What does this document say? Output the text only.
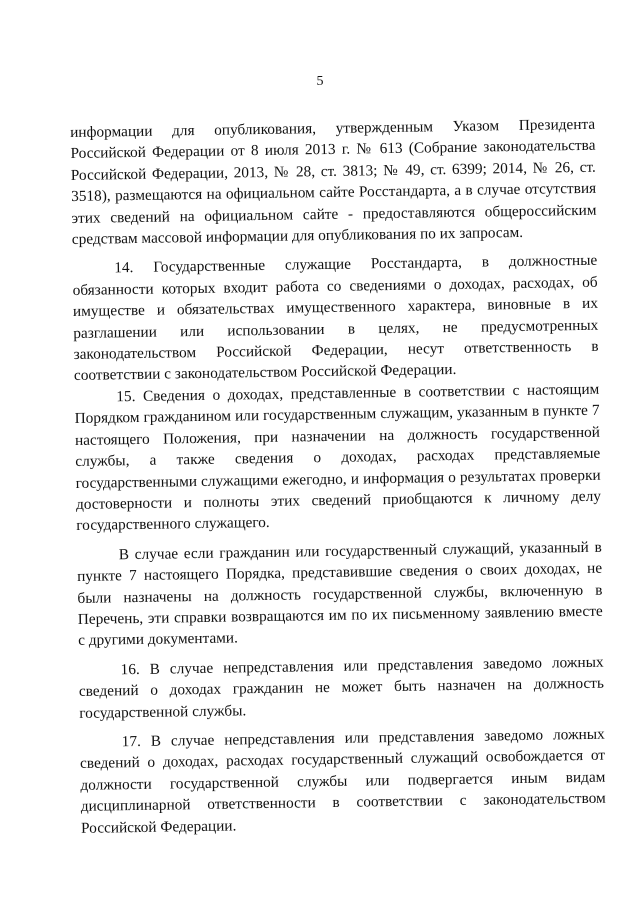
5

информации для опубликования, утвержденным Указом Президента Российской Федерации от 8 июля 2013 г. № 613 (Собрание законодательства Российской Федерации, 2013, № 28, ст. 3813; № 49, ст. 6399; 2014, № 26, ст. 3518), размещаются на официальном сайте Росстандарта, а в случае отсутствия этих сведений на официальном сайте - предоставляются общероссийским средствам массовой информации для опубликования по их запросам.

14. Государственные служащие Росстандарта, в должностные обязанности которых входит работа со сведениями о доходах, расходах, об имуществе и обязательствах имущественного характера, виновные в их разглашении или использовании в целях, не предусмотренных законодательством Российской Федерации, несут ответственность в соответствии с законодательством Российской Федерации.

15. Сведения о доходах, представленные в соответствии с настоящим Порядком гражданином или государственным служащим, указанным в пункте 7 настоящего Положения, при назначении на должность государственной службы, а также сведения о доходах, расходах представляемые государственными служащими ежегодно, и информация о результатах проверки достоверности и полноты этих сведений приобщаются к личному делу государственного служащего.

В случае если гражданин или государственный служащий, указанный в пункте 7 настоящего Порядка, представившие сведения о своих доходах, не были назначены на должность государственной службы, включенную в Перечень, эти справки возвращаются им по их письменному заявлению вместе с другими документами.

16. В случае непредставления или представления заведомо ложных сведений о доходах гражданин не может быть назначен на должность государственной службы.

17. В случае непредставления или представления заведомо ложных сведений о доходах, расходах государственный служащий освобождается от должности государственной службы или подвергается иным видам дисциплинарной ответственности в соответствии с законодательством Российской Федерации.
